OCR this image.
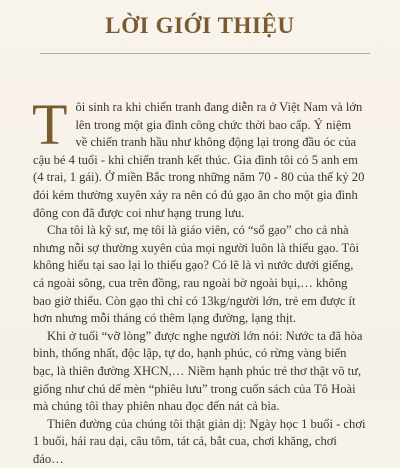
LỜI GIỚI THIỆU

T ôi sinh ra khi chiến tranh đang diễn ra ở Việt Nam và lớn lên trong một gia đình công chức thời bao cấp. Ý niệm về chiến tranh hầu như không động lại trong đầu óc của cậu bé 4 tuổi - khi chiến tranh kết thúc. Gia đình tôi có 5 anh em (4 trai, 1 gái). Ở miền Bắc trong những năm 70 - 80 của thế kỷ 20 đói kém thường xuyên xảy ra nên có đủ gạo ăn cho một gia đình đông con đã được coi như hạng trung lưu.

Cha tôi là kỹ sư, mẹ tôi là giáo viên, có “sổ gạo” cho cả nhà nhưng nỗi sợ thường xuyên của mọi người luôn là thiếu gạo. Tôi không hiểu tại sao lại lo thiếu gạo? Có lẽ là vì nước dưới giếng, cá ngoài sông, cua trên đồng, rau ngoài bờ ngoài bụi,… không bao giờ thiếu. Còn gạo thì chỉ có 13kg/người lớn, trẻ em được ít hơn nhưng mỗi tháng có thêm lạng đường, lạng thịt.

Khi ở tuổi “vỡ lòng” được nghe người lớn nói: Nước ta đã hòa bình, thống nhất, độc lập, tự do, hạnh phúc, có rừng vàng biển bạc, là thiên đường XHCN,… Niềm hạnh phúc trẻ thơ thật vô tư, giống như chú dế mèn “phiêu lưu” trong cuốn sách của Tô Hoài mà chúng tôi thay phiên nhau đọc đến nát cả bìa.

Thiên đường của chúng tôi thật giản dị: Ngày học 1 buổi - chơi 1 buổi, hái rau dại, câu tôm, tát cá, bắt cua, chơi khăng, chơi đáo…
